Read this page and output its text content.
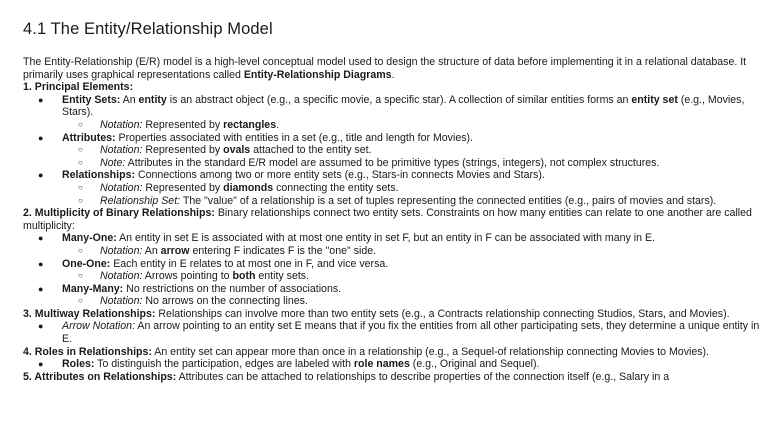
4.1 The Entity/Relationship Model

The Entity-Relationship (E/R) model is a high-level conceptual model used to design the structure of data before implementing it in a relational database. It primarily uses graphical representations called Entity-Relationship Diagrams.

1. Principal Elements:

● Entity Sets: An entity is an abstract object (e.g., a specific movie, a specific star). A collection of similar entities forms an entity set (e.g., Movies, Stars).
○ Notation: Represented by rectangles.
● Attributes: Properties associated with entities in a set (e.g., title and length for Movies).
○ Notation: Represented by ovals attached to the entity set.
○ Note: Attributes in the standard E/R model are assumed to be primitive types (strings, integers), not complex structures.
● Relationships: Connections among two or more entity sets (e.g., Stars-in connects Movies and Stars).
○ Notation: Represented by diamonds connecting the entity sets.
○ Relationship Set: The "value" of a relationship is a set of tuples representing the connected entities (e.g., pairs of movies and stars).

2. Multiplicity of Binary Relationships: Binary relationships connect two entity sets. Constraints on how many entities can relate to one another are called multiplicity:

● Many-One: An entity in set E is associated with at most one entity in set F, but an entity in F can be associated with many in E.
○ Notation: An arrow entering F indicates F is the "one" side.
● One-One: Each entity in E relates to at most one in F, and vice versa.
○ Notation: Arrows pointing to both entity sets.
● Many-Many: No restrictions on the number of associations.
○ Notation: No arrows on the connecting lines.

3. Multiway Relationships: Relationships can involve more than two entity sets (e.g., a Contracts relationship connecting Studios, Stars, and Movies).

● Arrow Notation: An arrow pointing to an entity set E means that if you fix the entities from all other participating sets, they determine a unique entity in E.

4. Roles in Relationships: An entity set can appear more than once in a relationship (e.g., a Sequel-of relationship connecting Movies to Movies).

● Roles: To distinguish the participation, edges are labeled with role names (e.g., Original and Sequel).

5. Attributes on Relationships: Attributes can be attached to relationships to describe properties of the connection itself (e.g., Salary in a
